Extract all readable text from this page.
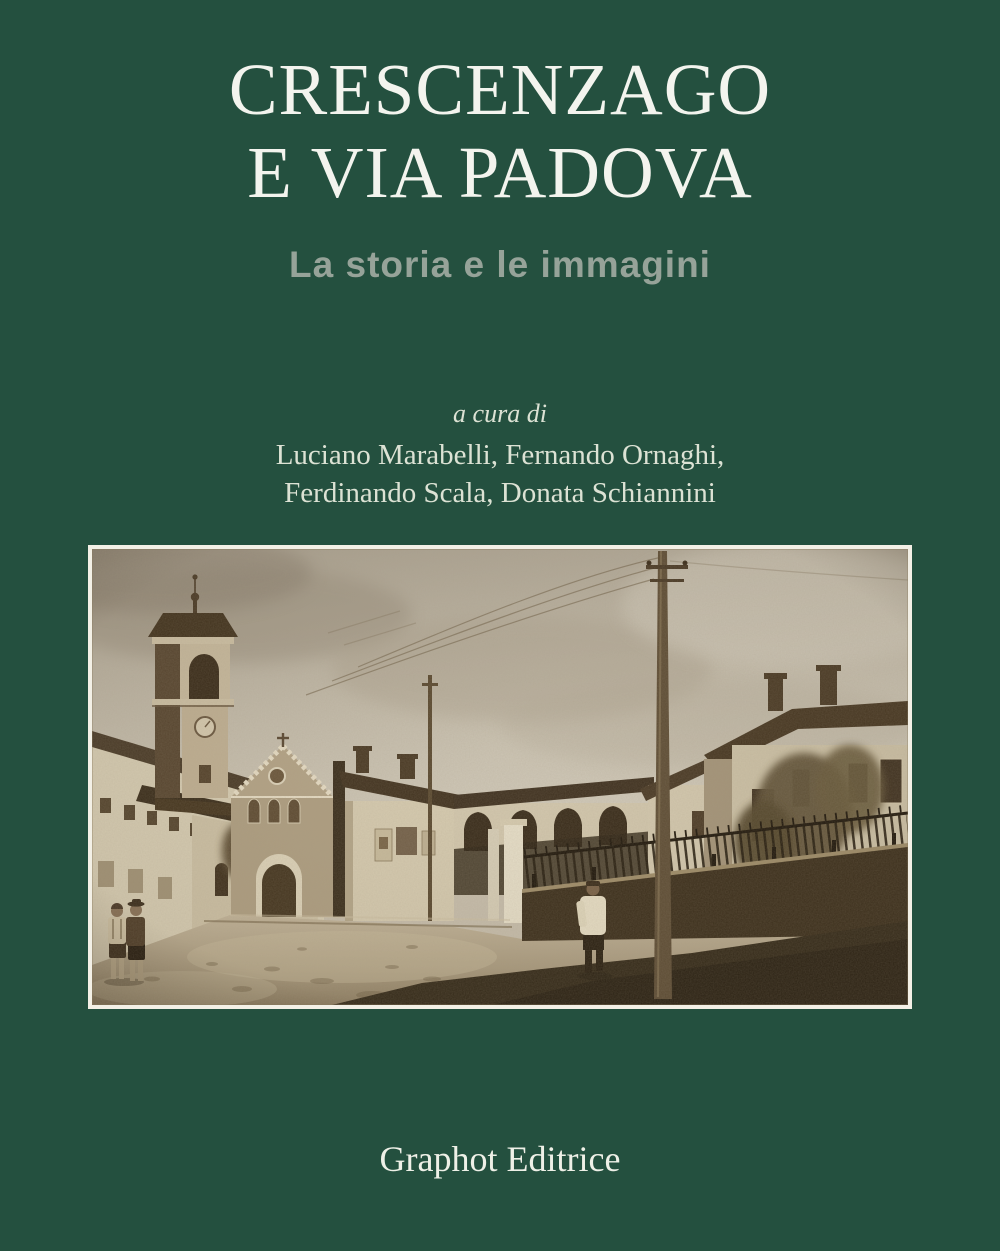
CRESCENZAGO
E VIA PADOVA
La storia e le immagini
a cura di
Luciano Marabelli, Fernando Ornaghi,
Ferdinando Scala, Donata Schiannini
Graphot Editrice
